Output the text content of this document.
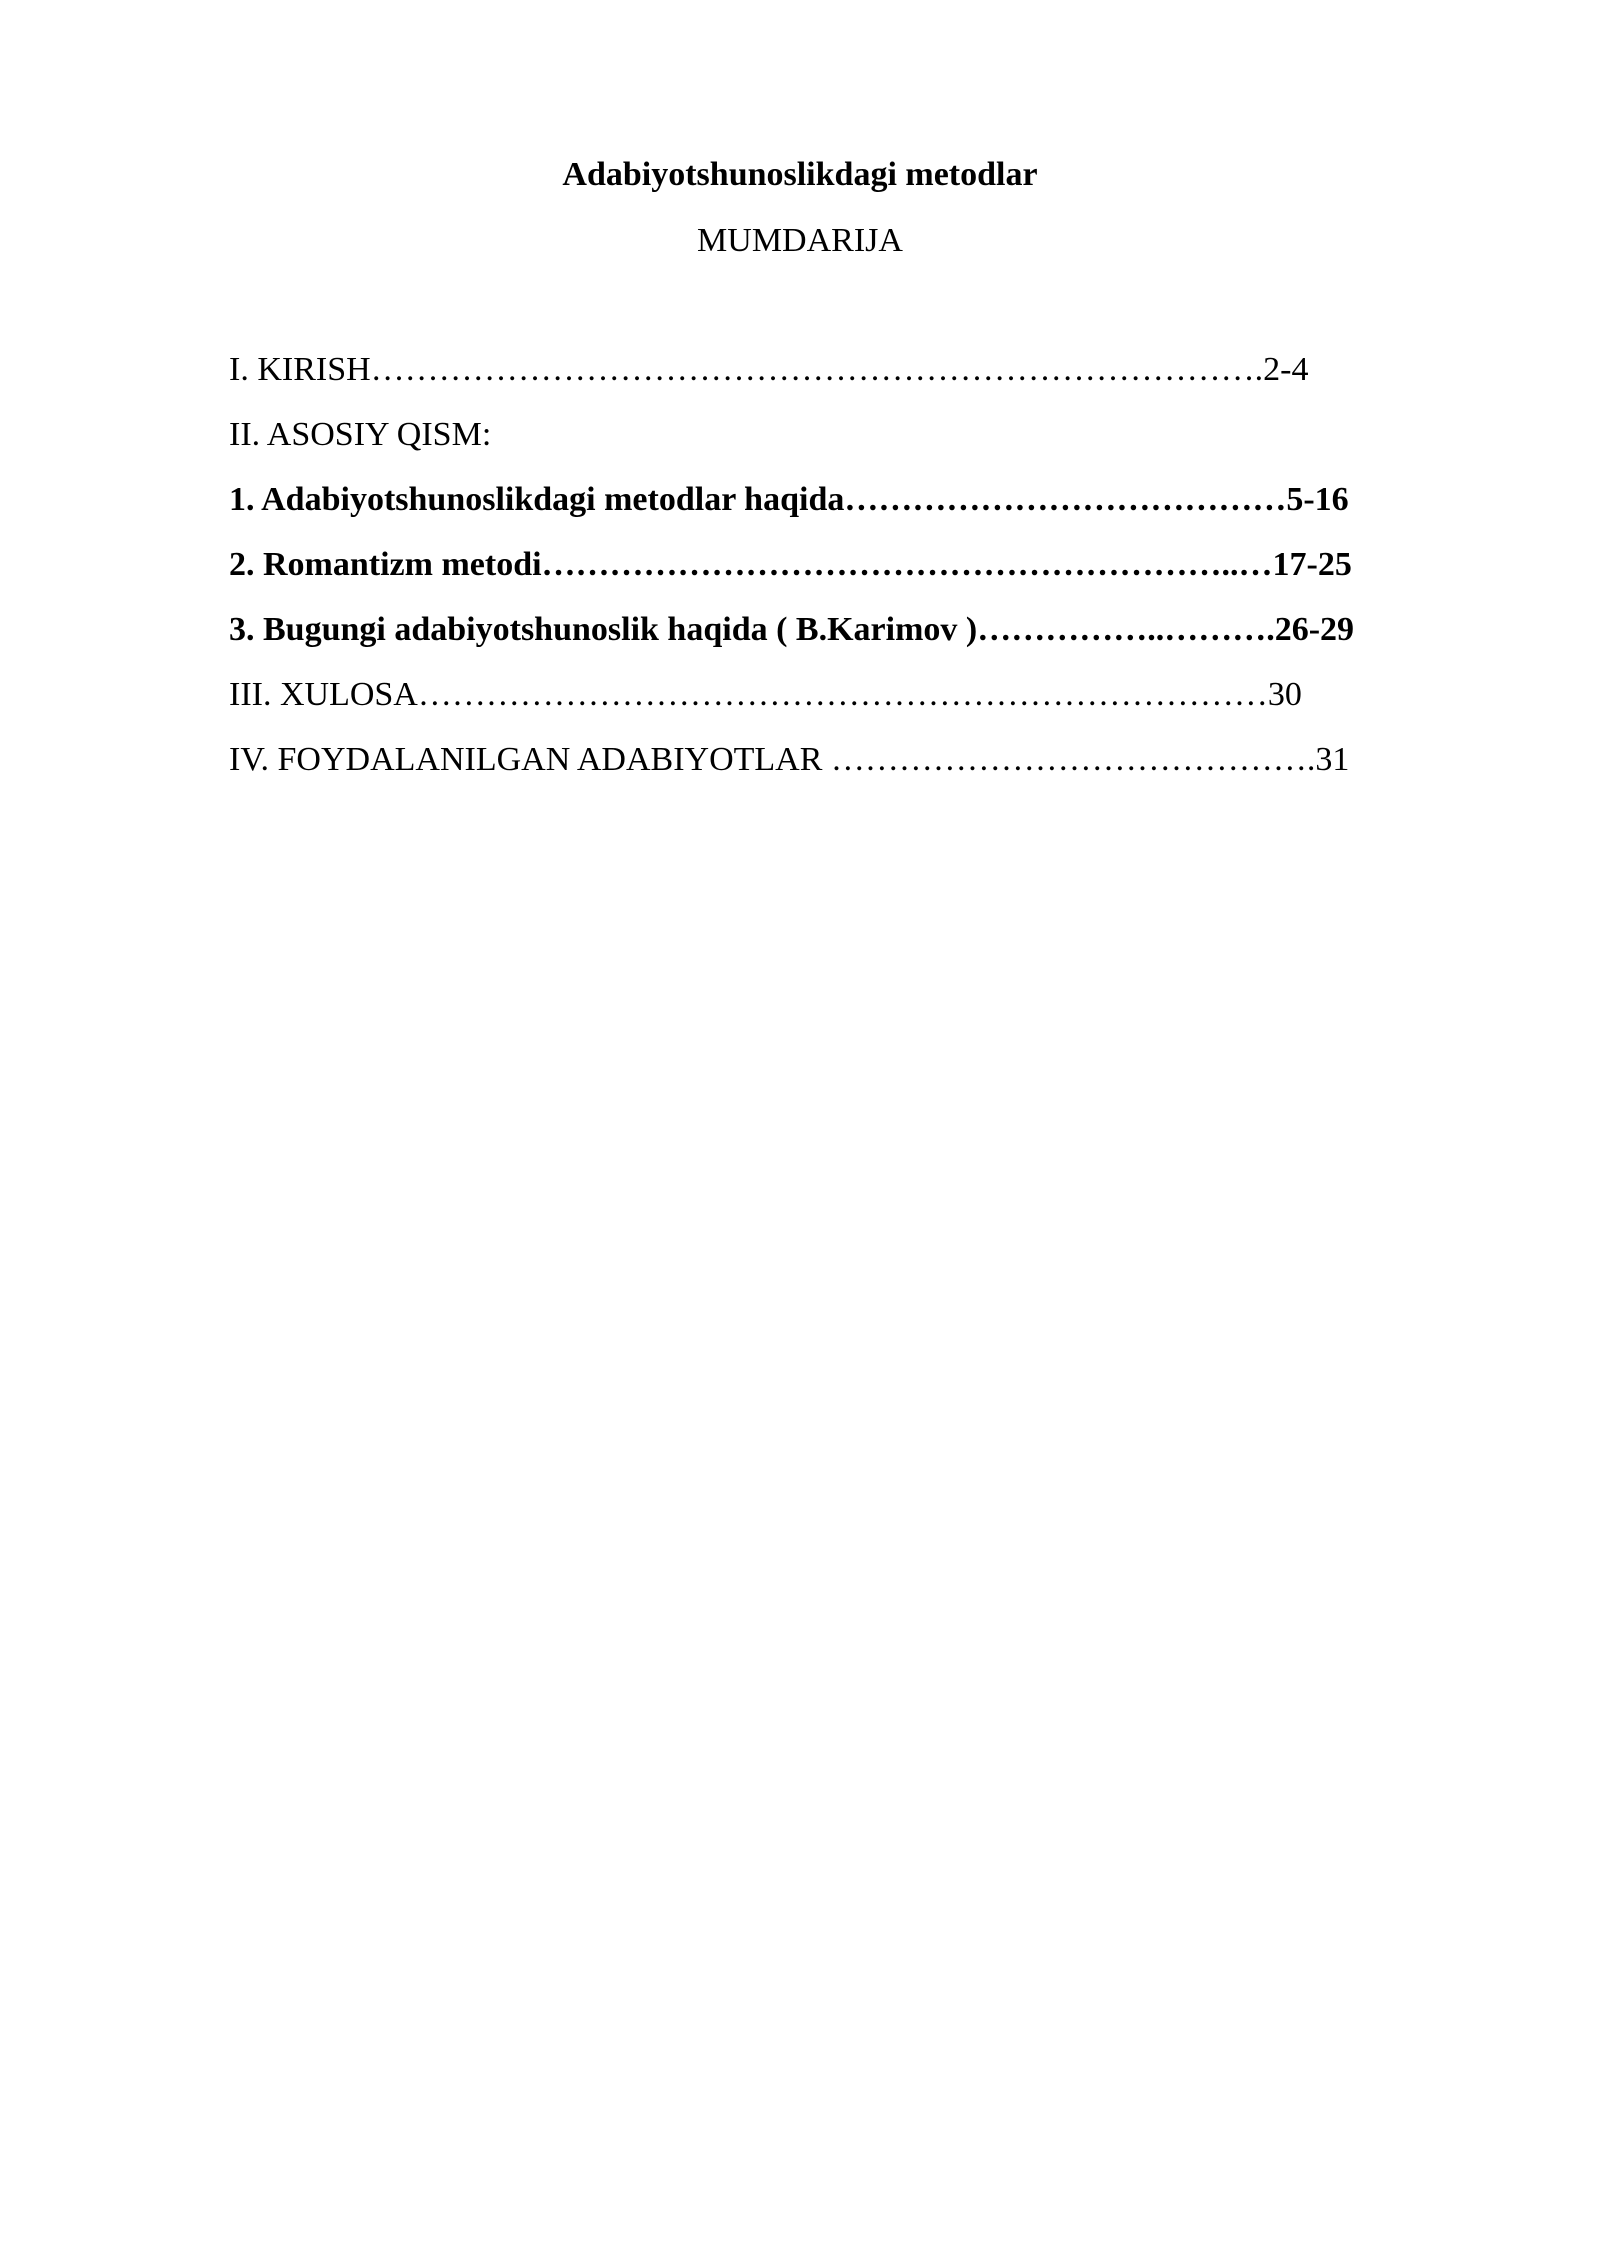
Adabiyotshunoslikdagi metodlar
MUMDARIJA
I. KIRISH…………………………………………………………………….2-4
II. ASOSIY QISM:
1. Adabiyotshunoslikdagi metodlar haqida…………………………………5-16
2. Romantizm metodi……………………………………………………..…17-25
3. Bugungi adabiyotshunoslik haqida ( B.Karimov )……………..……….26-29
III. XULOSA…………………………………………………………………30
IV. FOYDALANILGAN ADABIYOTLAR …………………………………….31
